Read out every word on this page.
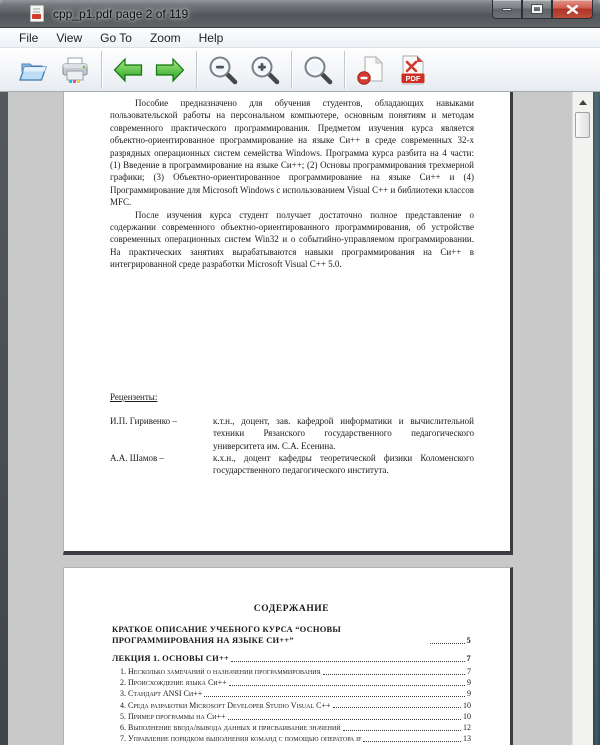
cpp_p1.pdf page 2 of 119
File	View	Go To	Zoom	Help
PDF

Пособие предназначено для обучения студентов, обладающих навыками пользовательской работы на персональном компьютере, основным понятиям и методам современного практического программирования. Предметом изучения курса является объектно-ориентированное программирование на языке Си++ в среде современных 32-х разрядных операционных систем семейства Windows. Программа курса разбита на 4 части: (1) Введение в программирование на языке Си++; (2) Основы программирования трехмерной графики; (3) Объектно-ориентированное программирование на языке Си++ и (4) Программирование для Microsoft Windows с использованием Visual C++ и библиотеки классов MFC.

После изучения курса студент получает достаточно полное представление о содержании современного объектно-ориентированного программирования, об устройстве современных операционных систем Win32 и о событийно-управляемом программировании. На практических занятиях вырабатываются навыки программирования на Си++ в интегрированной среде разработки Microsoft Visual C++ 5.0.

Рецензенты:
И.П. Гиривенко –	к.т.н., доцент, зав. кафедрой информатики и вычислительной техники Рязанского государственного педагогического университета им. С.А. Есенина.
А.А. Шамов –	к.х.н., доцент кафедры теоретической физики Коломенского государственного педагогического института.
СОДЕРЖАНИЕ
КРАТКОЕ ОПИСАНИЕ УЧЕБНОГО КУРСА “ОСНОВЫ ПРОГРАММИРОВАНИЯ НА ЯЗЫКЕ СИ++”	5
ЛЕКЦИЯ 1. ОСНОВЫ СИ++	7
1. Несколько замечаний о назначении программирования	7
2. Происхождение языка Си++	9
3. Стандарт ANSI Си++	9
4. Среда разработки Microsoft Developer Studio Visual C++	10
5. Пример программы на Си++	10
6. Выполнение ввода/вывода данных и присваивание значений	12
7. Управление порядком выполнения команд с помощью оператора if	13
